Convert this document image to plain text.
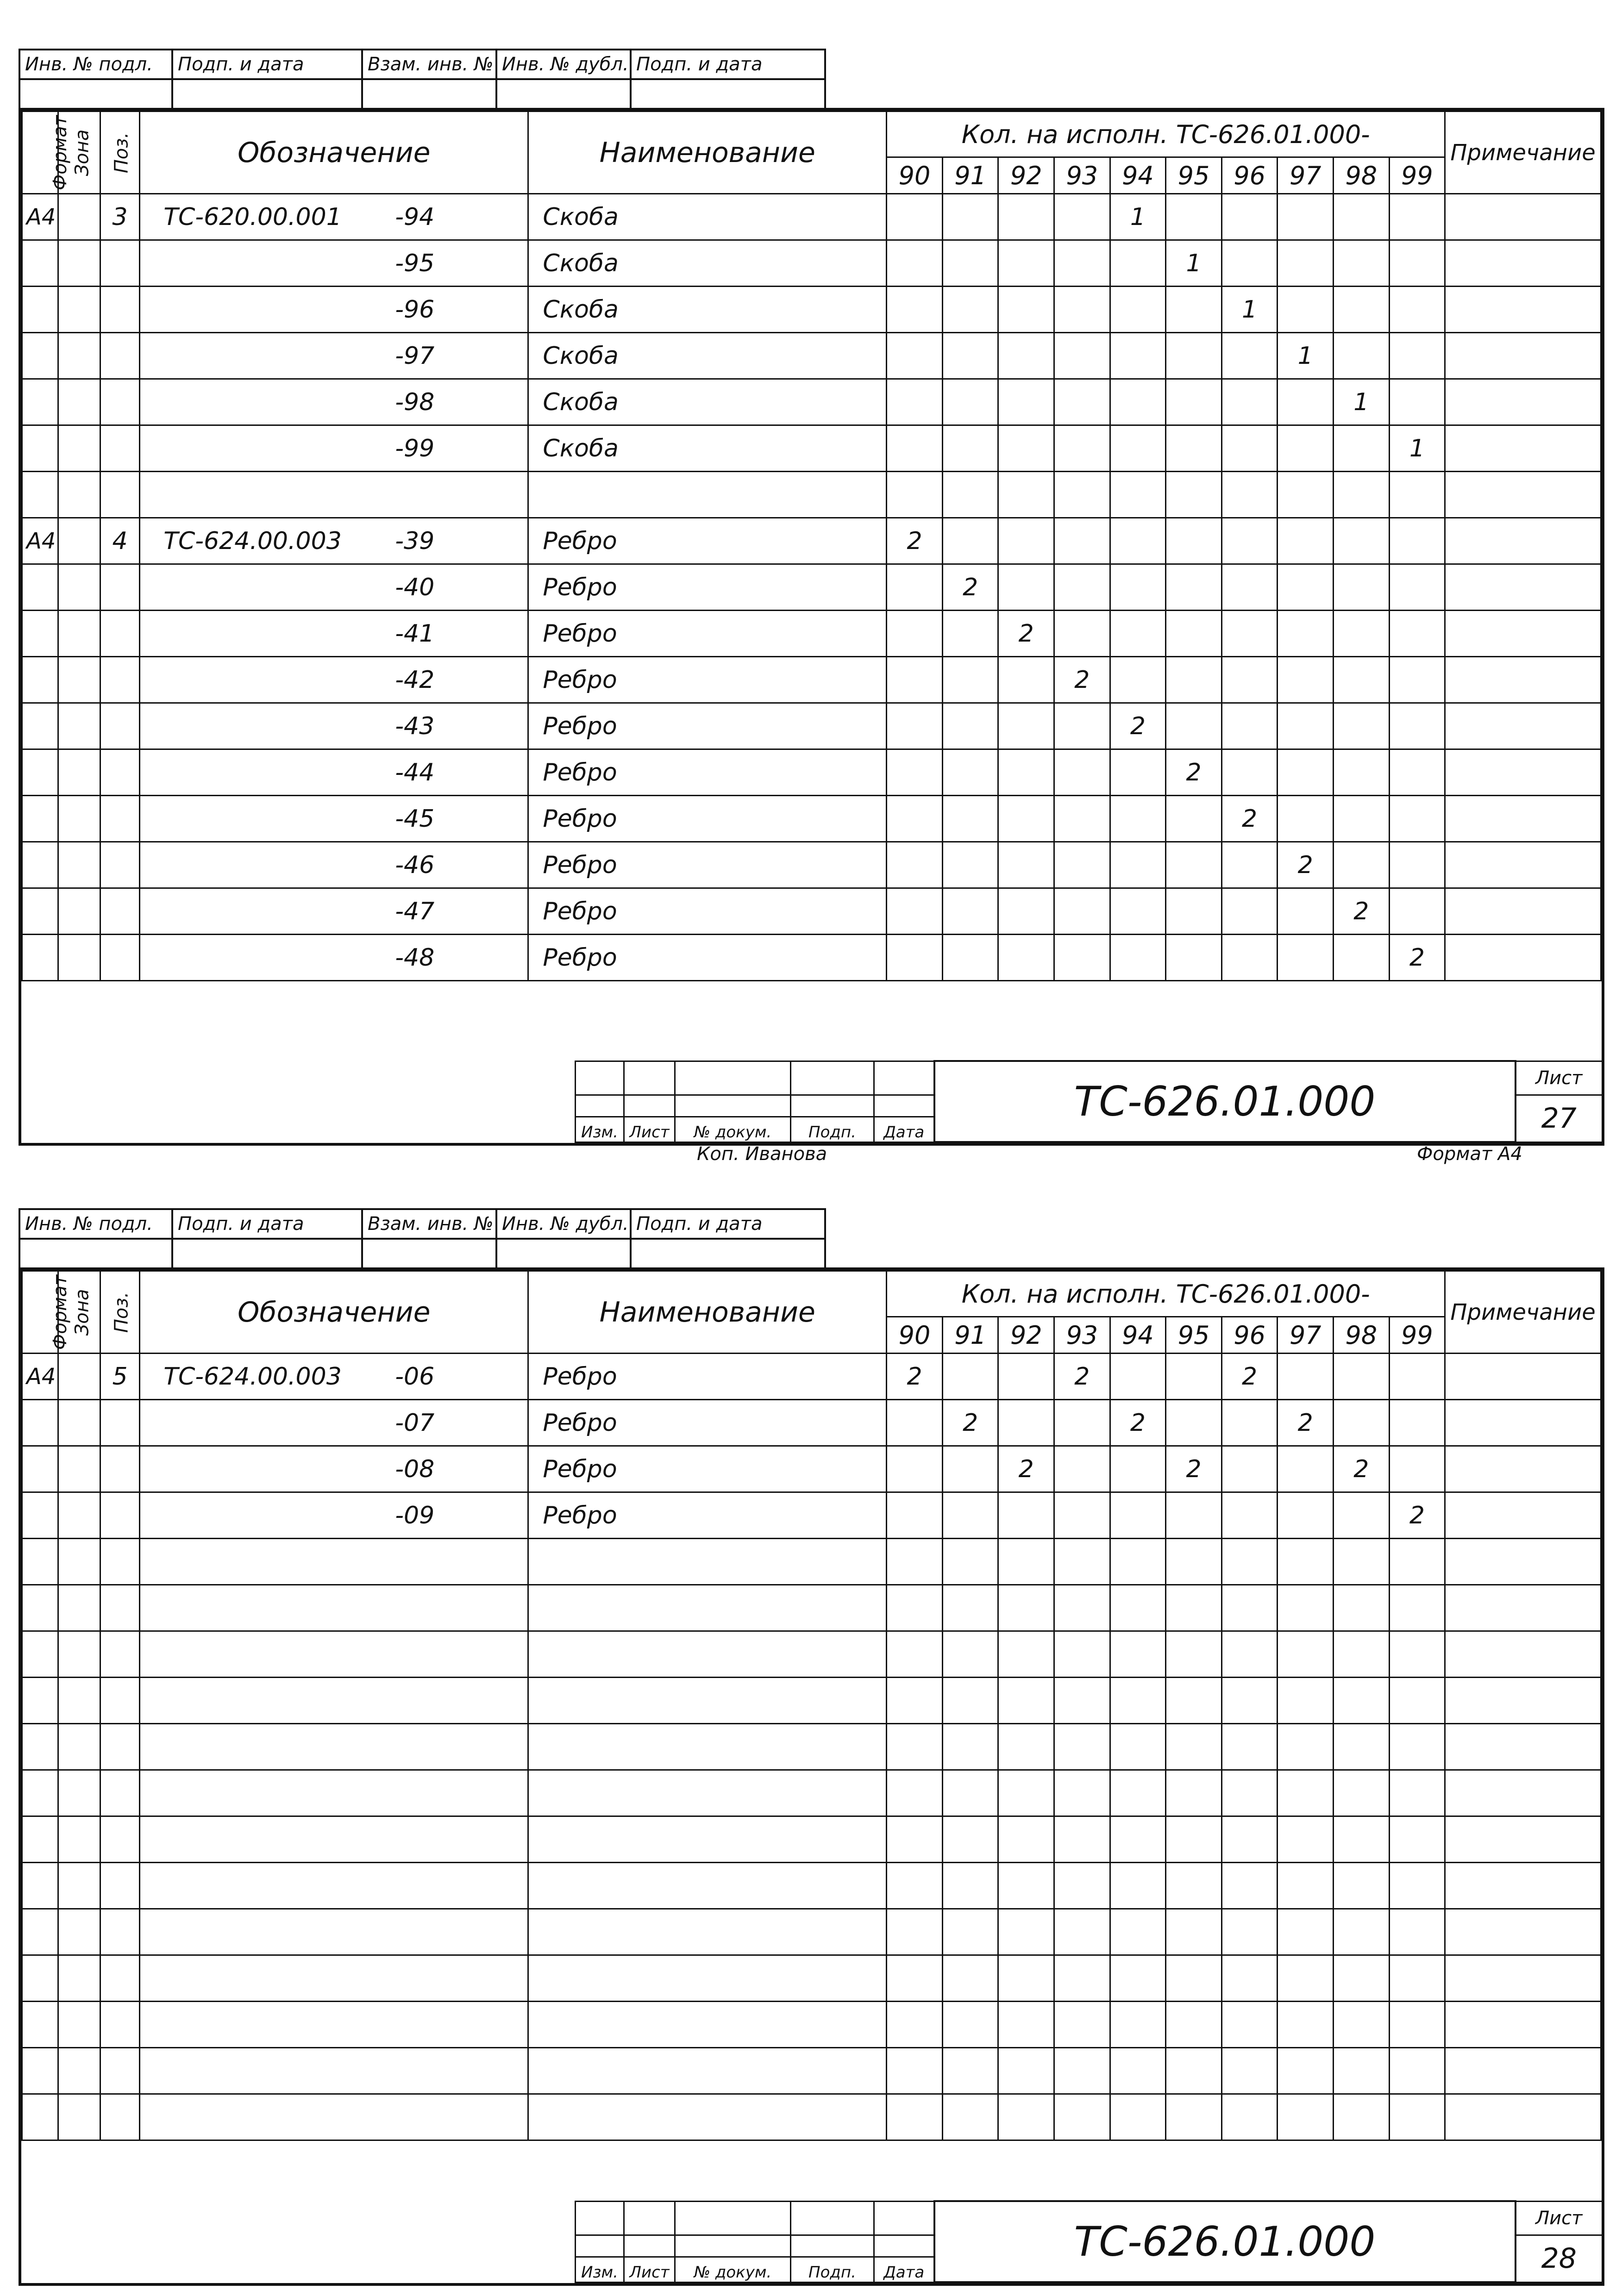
Инв. № подл.	Подп. и дата	Взам. инв. №	Инв. № дубл.	Подп. и дата

Формат	Зона	Поз.	Обозначение	Наименование	Кол. на исполн. ТС-626.01.000-										Примечание
					90	91	92	93	94	95	96	97	98	99	
А4		3	ТС-620.00.001 -94	Скоба					1						
			-95	Скоба						1					
			-96	Скоба							1				
			-97	Скоба								1			
			-98	Скоба									1		
			-99	Скоба										1	

А4		4	ТС-624.00.003 -39	Ребро	2										
			-40	Ребро		2									
			-41	Ребро			2								
			-42	Ребро				2							
			-43	Ребро					2						
			-44	Ребро						2					
			-45	Ребро							2				
			-46	Ребро								2			
			-47	Ребро									2		
			-48	Ребро										2	
					ТС-626.01.000	Лист
						27
Изм.	Лист	№ докум.	Подп.	Дата		
Коп. Иванова	Формат А4
Инв. № подл.	Подп. и дата	Взам. инв. №	Инв. № дубл.	Подп. и дата

Формат	Зона	Поз.	Обозначение	Наименование	Кол. на исполн. ТС-626.01.000-										Примечание
					90	91	92	93	94	95	96	97	98	99	
А4		5	ТС-624.00.003 -06	Ребро	2			2			2				
			-07	Ребро		2			2			2			
			-08	Ребро			2			2			2		
			-09	Ребро										2	

					ТС-626.01.000	Лист
						28
Изм.	Лист	№ докум.	Подп.	Дата		
